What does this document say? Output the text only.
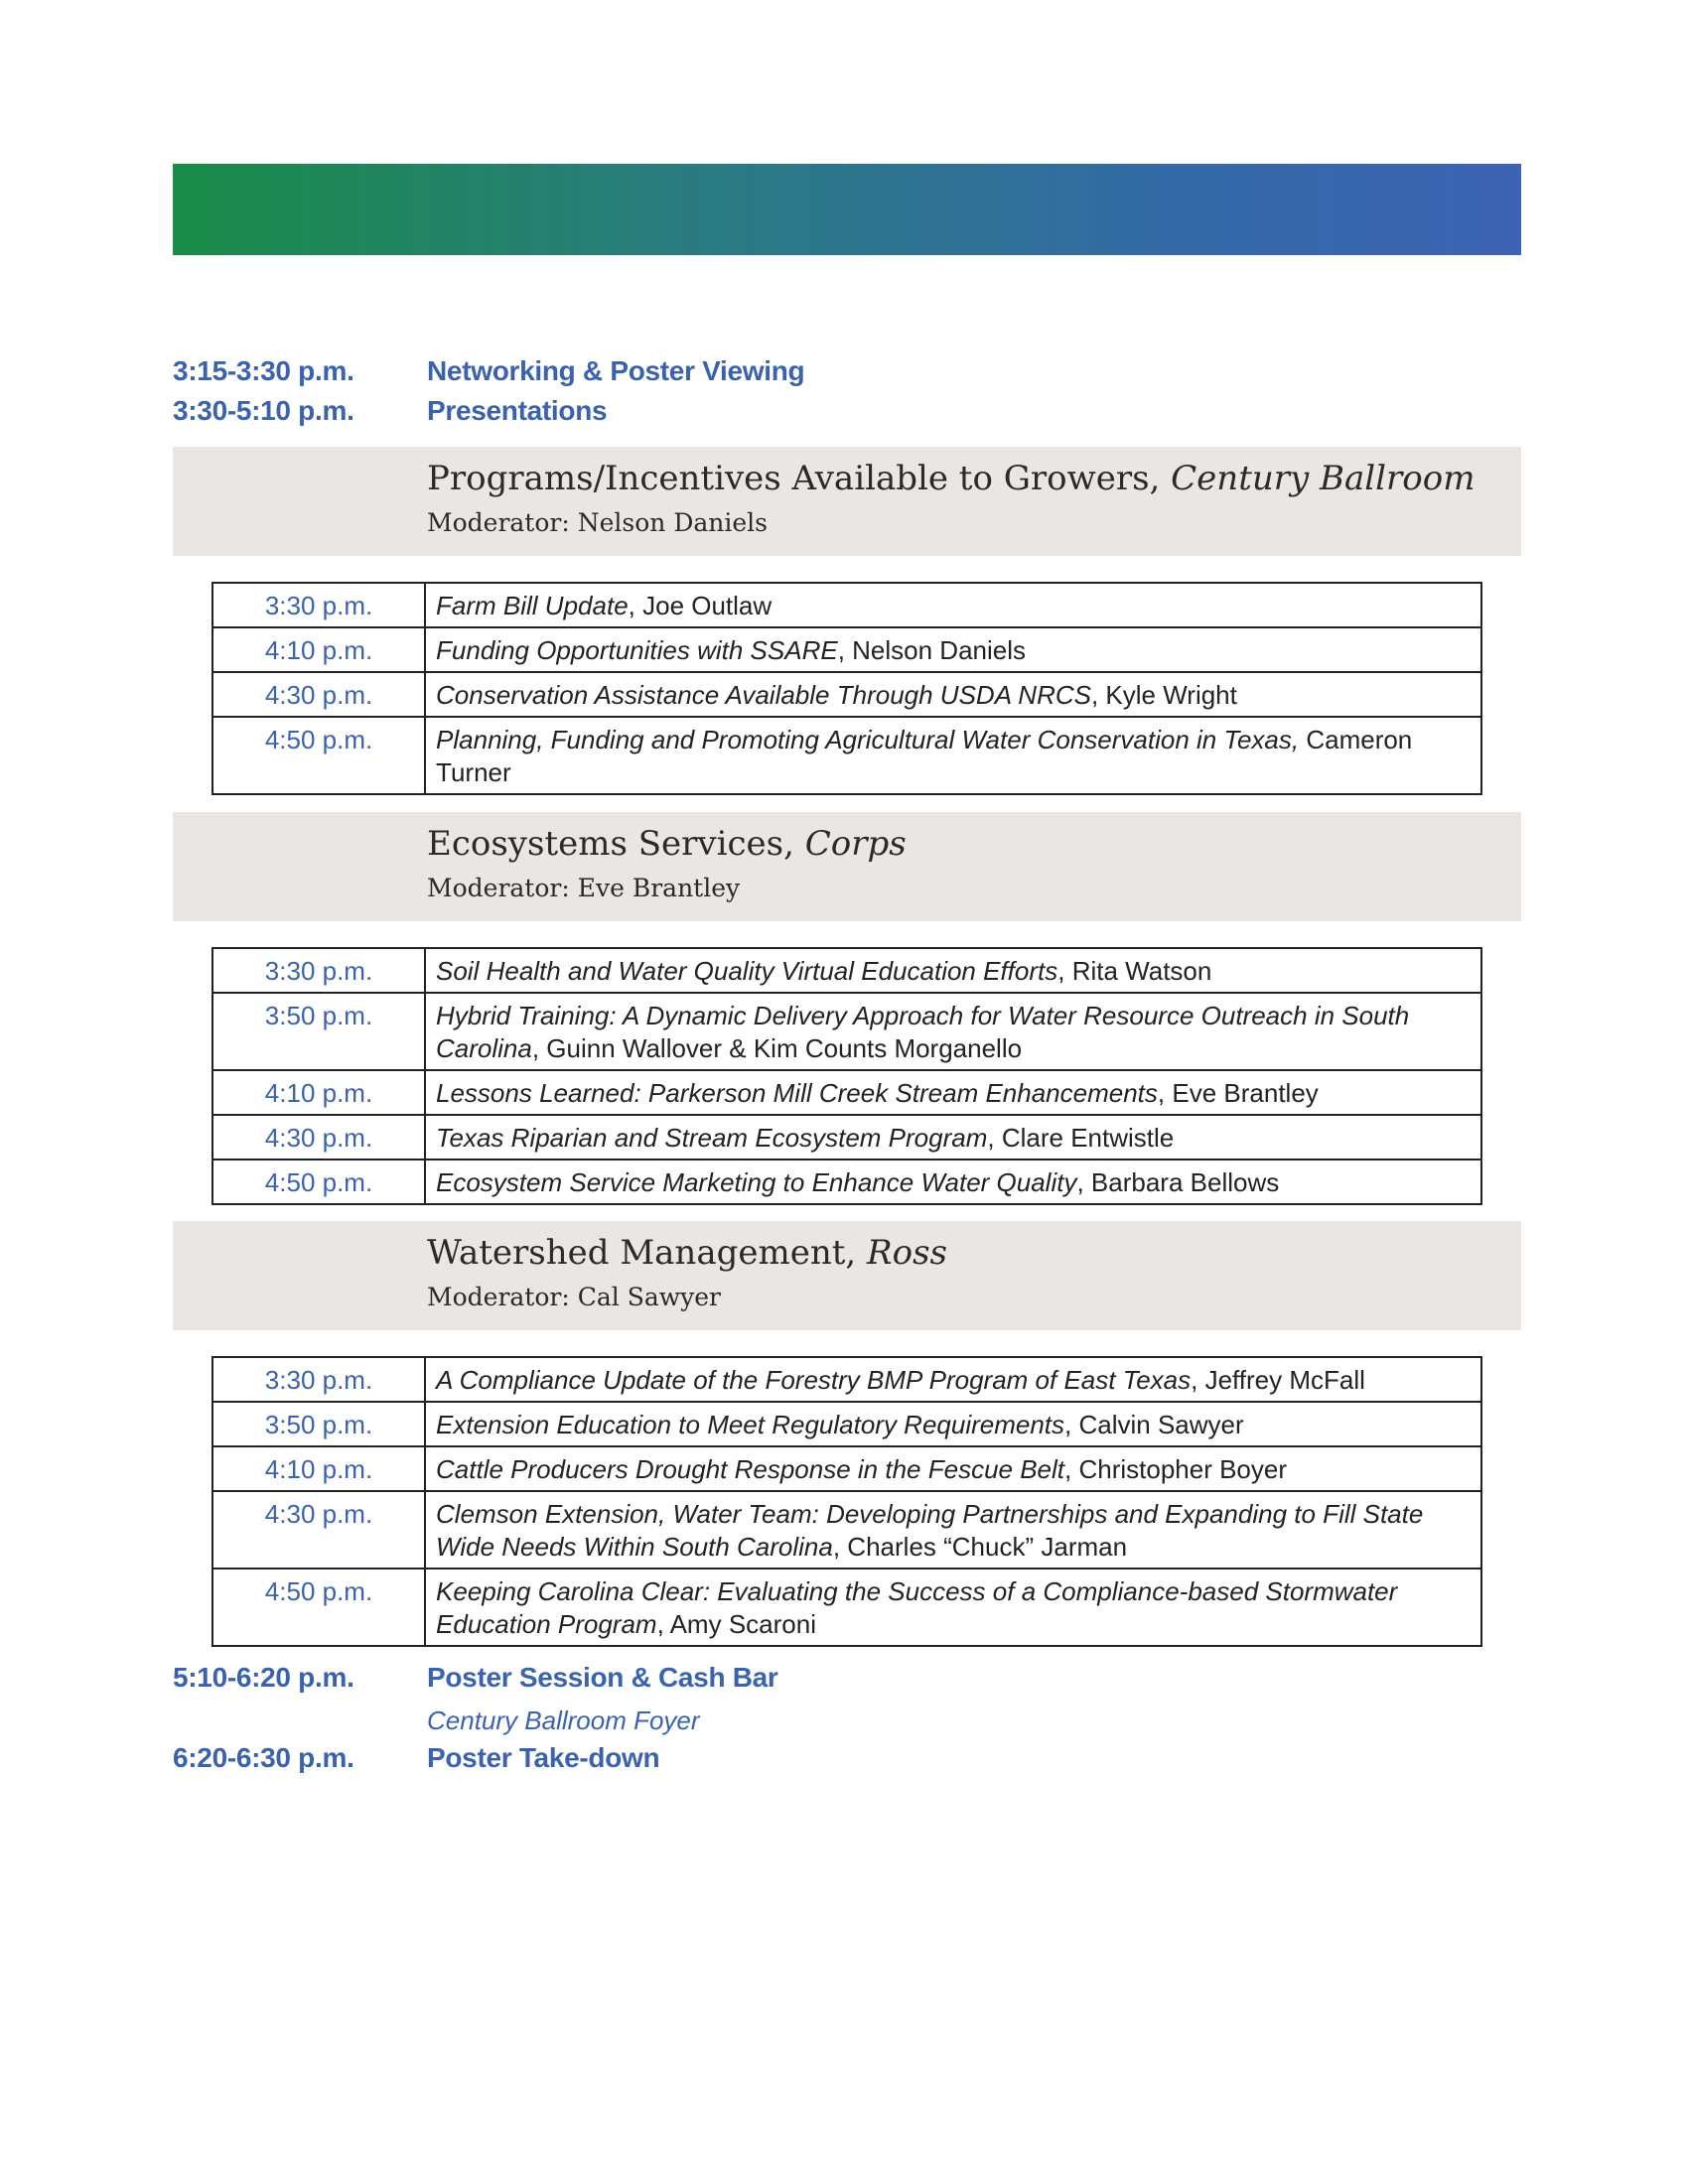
3:15-3:30 p.m.	Networking & Poster Viewing
3:30-5:10 p.m.	Presentations
Programs/Incentives Available to Growers, Century Ballroom
Moderator: Nelson Daniels
3:30 p.m.	Farm Bill Update, Joe Outlaw
4:10 p.m.	Funding Opportunities with SSARE, Nelson Daniels
4:30 p.m.	Conservation Assistance Available Through USDA NRCS, Kyle Wright
4:50 p.m.	Planning, Funding and Promoting Agricultural Water Conservation in Texas, Cameron Turner
Ecosystems Services, Corps
Moderator: Eve Brantley
3:30 p.m.	Soil Health and Water Quality Virtual Education Efforts, Rita Watson
3:50 p.m.	Hybrid Training: A Dynamic Delivery Approach for Water Resource Outreach in South Carolina, Guinn Wallover & Kim Counts Morganello
4:10 p.m.	Lessons Learned: Parkerson Mill Creek Stream Enhancements, Eve Brantley
4:30 p.m.	Texas Riparian and Stream Ecosystem Program, Clare Entwistle
4:50 p.m.	Ecosystem Service Marketing to Enhance Water Quality, Barbara Bellows
Watershed Management, Ross
Moderator: Cal Sawyer
3:30 p.m.	A Compliance Update of the Forestry BMP Program of East Texas, Jeffrey McFall
3:50 p.m.	Extension Education to Meet Regulatory Requirements, Calvin Sawyer
4:10 p.m.	Cattle Producers Drought Response in the Fescue Belt, Christopher Boyer
4:30 p.m.	Clemson Extension, Water Team: Developing Partnerships and Expanding to Fill State Wide Needs Within South Carolina, Charles “Chuck” Jarman
4:50 p.m.	Keeping Carolina Clear: Evaluating the Success of a Compliance-based Stormwater Education Program, Amy Scaroni
5:10-6:20 p.m.	Poster Session & Cash Bar
Century Ballroom Foyer
6:20-6:30 p.m.	Poster Take-down
